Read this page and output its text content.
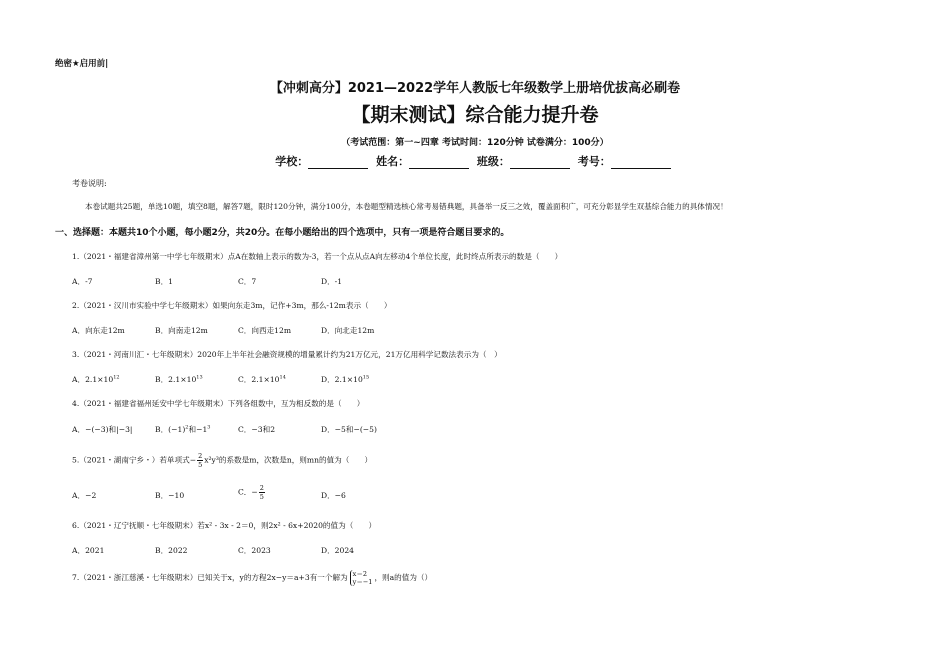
绝密★启用前|
【冲刺高分】2021—2022学年人教版七年级数学上册培优拔高必刷卷
【期末测试】综合能力提升卷
（考试范围：第一~四章 考试时间：120分钟 试卷满分：100分）
学校：	姓名：	班级：	考号：
考卷说明:
本卷试题共25题，单选10题，填空8题，解答7题，限时120分钟，满分100分，本卷题型精选核心常考易错典题，具备举一反三之效，覆盖面积广，可充分彰显学生双基综合能力的具体情况！
一、选择题：本题共10个小题，每小题2分，共20分。在每小题给出的四个选项中，只有一项是符合题目要求的。
1.（2021・福建省漳州第一中学七年级期末）点A在数轴上表示的数为-3，若一个点从点A向左移动4个单位长度，此时终点所表示的数是（　　）
A．-7	B．1	C．7	D．-1
2.（2021・汉川市实验中学七年级期末）如果向东走3m，记作+3m，那么-12m表示（　　）
A．向东走12m	B．向南走12m	C．向西走12m	D．向北走12m
3.（2021・河南川汇・七年级期末）2020年上半年社会融资规模的增量累计约为21万亿元，21万亿用科学记数法表示为（　）
A．$2.1\times 10^{12}$	B．$2.1\times 10^{13}$	C．$2.1\times 10^{14}$	D．$2.1\times 10^{15}$
4.（2021・福建省福州延安中学七年级期末）下列各组数中，互为相反数的是（　　）
A．−(−3)和|−3|	B．$(-1)^2$和$-1^3$	C．−3和2	D．−5和−(−5)
5.（2021・湖南宁乡・）若单项式− $\frac{2}{5} x^2y^3$的系数是m，次数是n，则mn的值为（　　）
A．−2	B．−10	C．− $\frac{2}{5}$	D．−6
6.（2021・辽宁抚顺・七年级期末）若x² - 3x - 2＝0，则2x² - 6x+2020的值为（　　）
A．2021	B．2022	C．2023	D．2024
7.（2021・浙江慈溪・七年级期末）已知关于x，y的方程2x−y＝a+3有一个解为 x＝2
y＝−1 ，则a的值为（）
